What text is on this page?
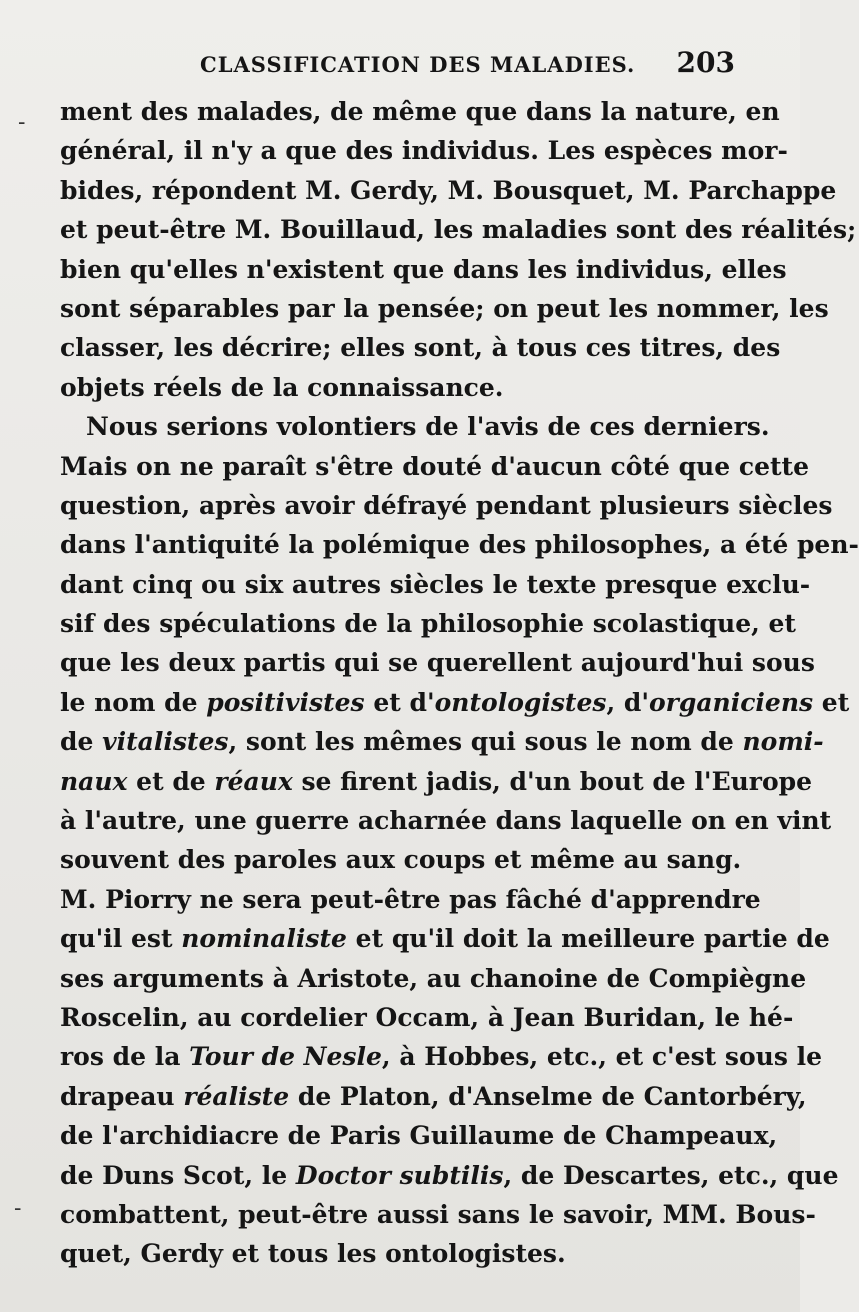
CLASSIFICATION DES MALADIES. 203
-
-
ment des malades, de même que dans la nature, en
général, il n'y a que des individus. Les espèces mor-
bides, répondent M. Gerdy, M. Bousquet, M. Parchappe
et peut-être M. Bouillaud, les maladies sont des réalités;
bien qu'elles n'existent que dans les individus, elles
sont séparables par la pensée; on peut les nommer, les
classer, les décrire; elles sont, à tous ces titres, des
objets réels de la connaissance.
Nous serions volontiers de l'avis de ces derniers.
Mais on ne paraît s'être douté d'aucun côté que cette
question, après avoir défrayé pendant plusieurs siècles
dans l'antiquité la polémique des philosophes, a été pen-
dant cinq ou six autres siècles le texte presque exclu-
sif des spéculations de la philosophie scolastique, et
que les deux partis qui se querellent aujourd'hui sous
le nom de positivistes et d'ontologistes, d'organiciens et
de vitalistes, sont les mêmes qui sous le nom de nomi-
naux et de réaux se firent jadis, d'un bout de l'Europe
à l'autre, une guerre acharnée dans laquelle on en vint
souvent des paroles aux coups et même au sang.
M. Piorry ne sera peut-être pas fâché d'apprendre
qu'il est nominaliste et qu'il doit la meilleure partie de
ses arguments à Aristote, au chanoine de Compiègne
Roscelin, au cordelier Occam, à Jean Buridan, le hé-
ros de la Tour de Nesle, à Hobbes, etc., et c'est sous le
drapeau réaliste de Platon, d'Anselme de Cantorbéry,
de l'archidiacre de Paris Guillaume de Champeaux,
de Duns Scot, le Doctor subtilis, de Descartes, etc., que
combattent, peut-être aussi sans le savoir, MM. Bous-
quet, Gerdy et tous les ontologistes.
